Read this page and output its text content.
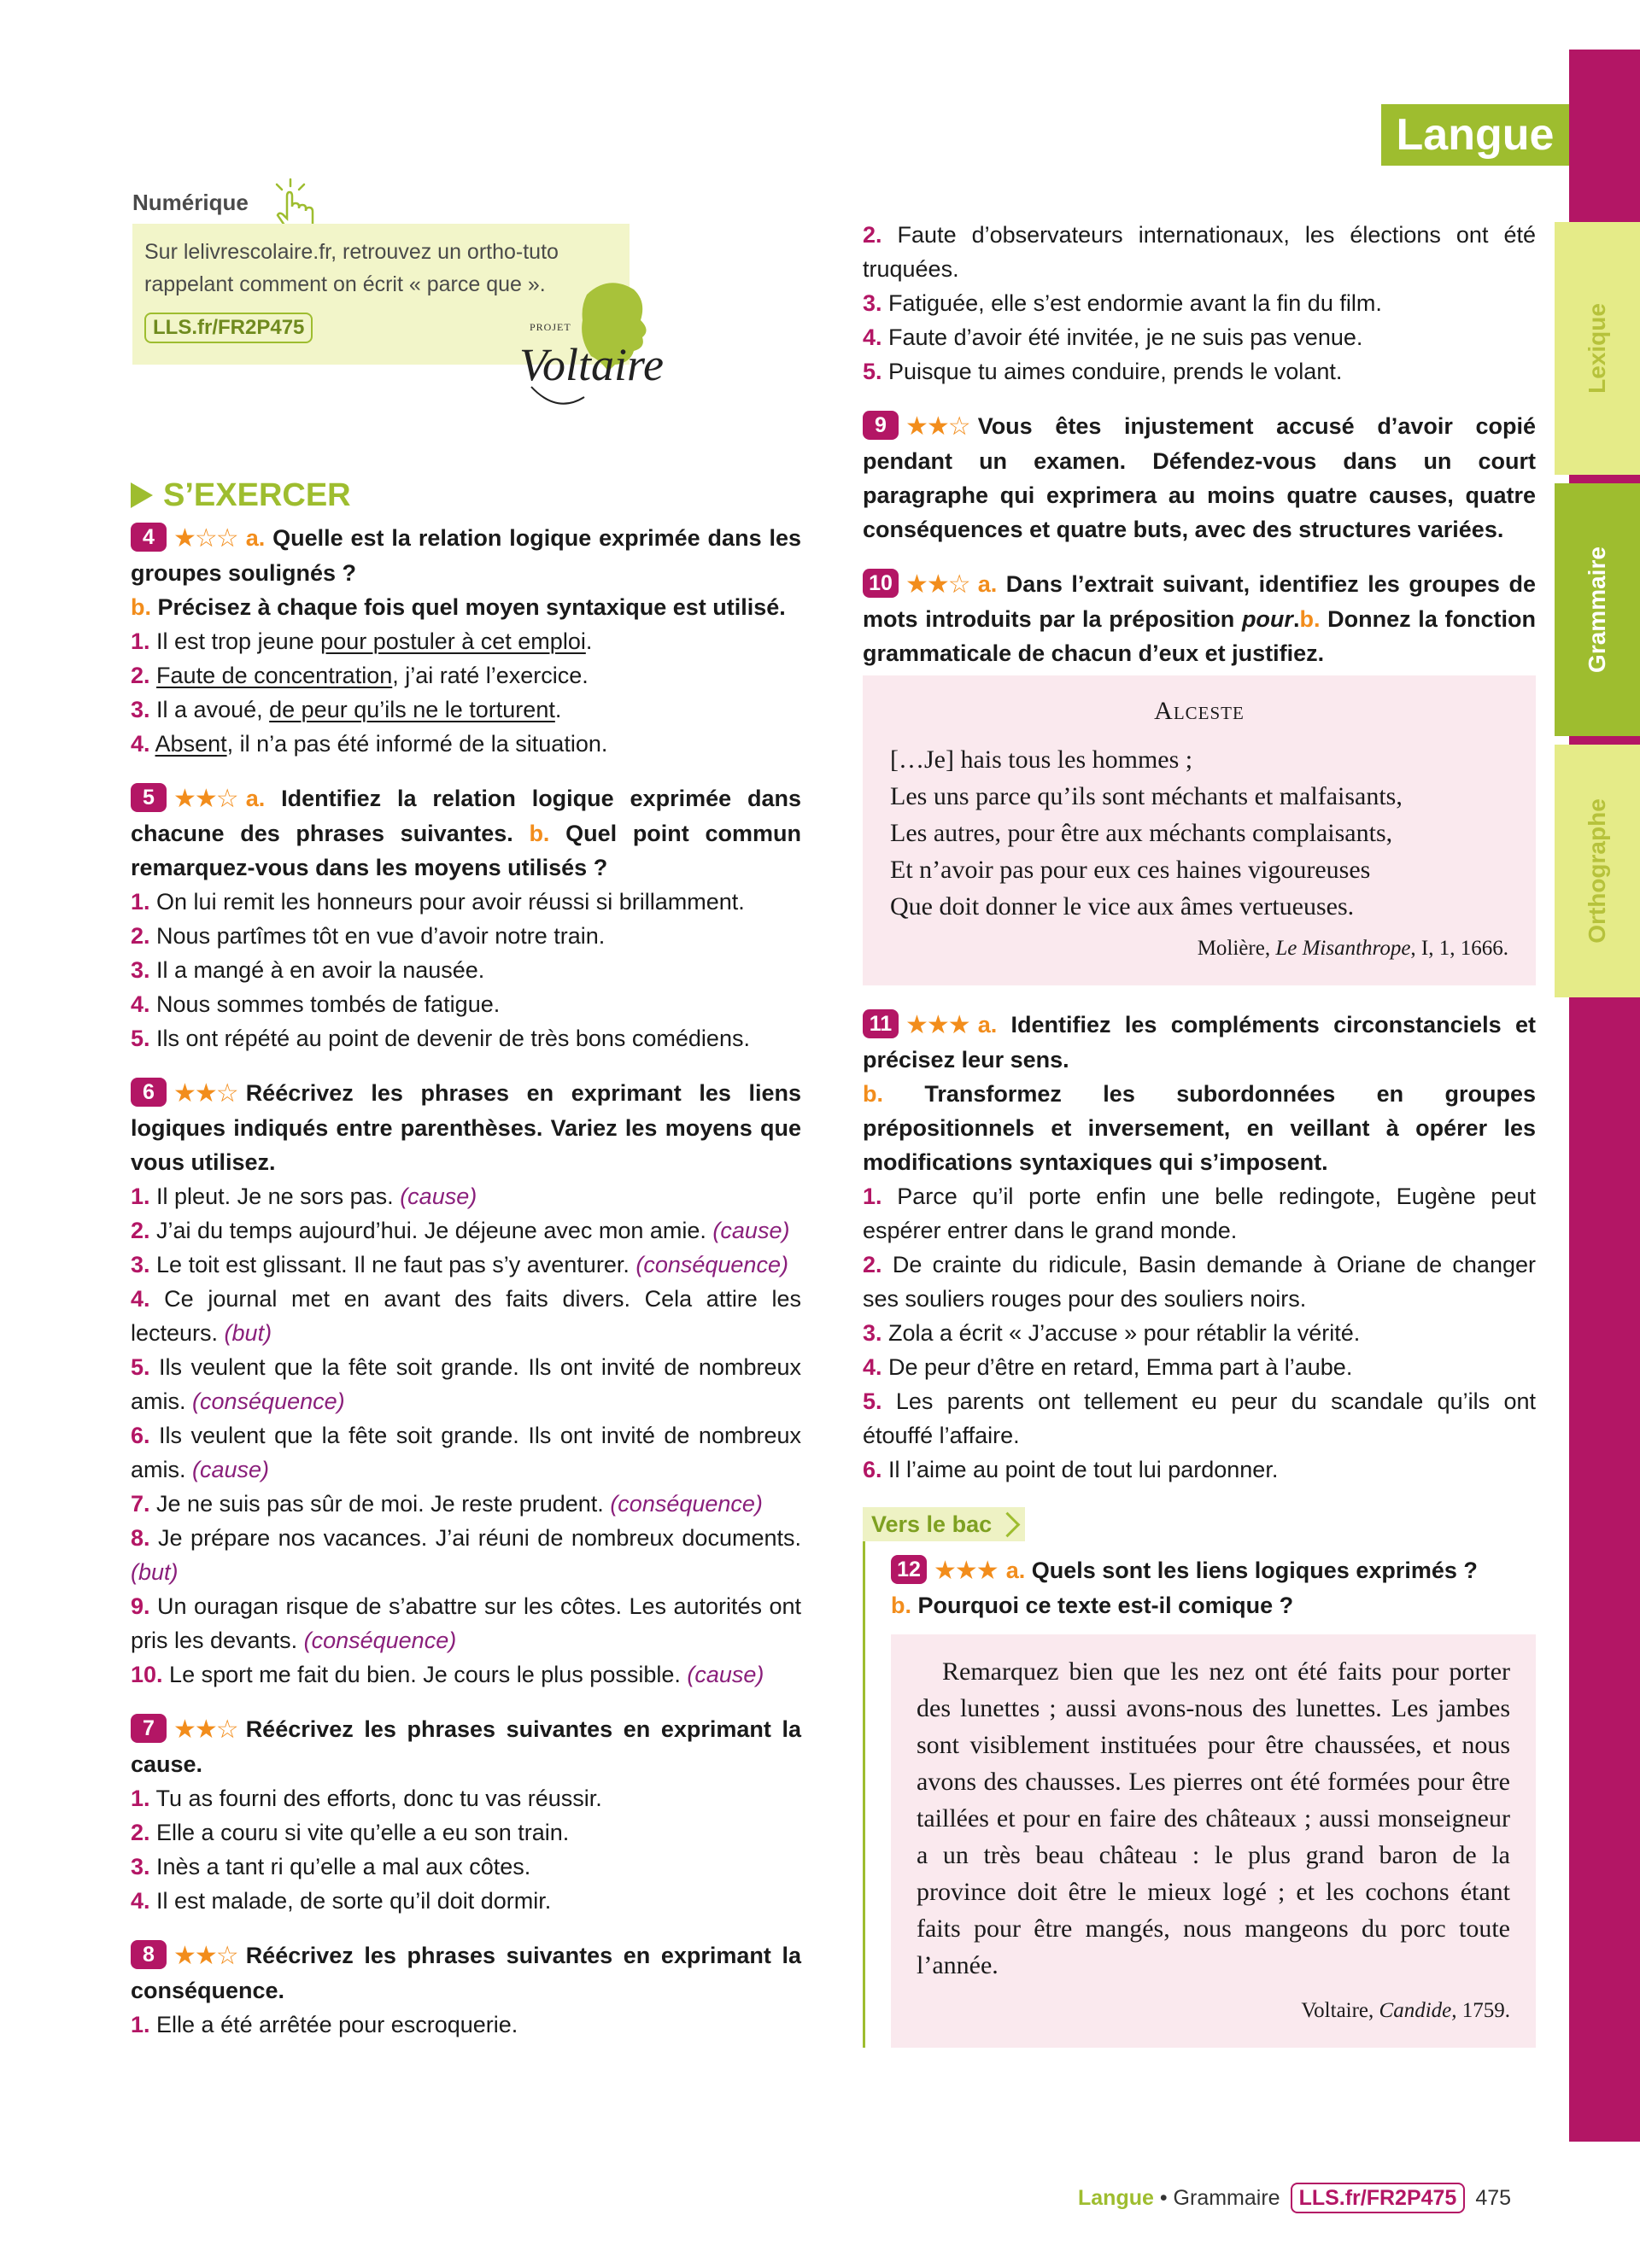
Lexique
Grammaire
Orthographe
Langue
Numérique
Sur lelivrescolaire.fr, retrouvez un ortho-tuto
rappelant comment on écrit « parce que ».
LLS.fr/FR2P475	PROJET
Voltaire
S’EXERCER
4 ★☆☆ a. Quelle est la relation logique exprimée dans les groupes soulignés ?
b. Précisez à chaque fois quel moyen syntaxique est utilisé.
1. Il est trop jeune pour postuler à cet emploi.
2. Faute de concentration, j’ai raté l’exercice.
3. Il a avoué, de peur qu’ils ne le torturent.
4. Absent, il n’a pas été informé de la situation.
5 ★★☆ a. Identifiez la relation logique exprimée dans chacune des phrases suivantes. b. Quel point commun remarquez-vous dans les moyens utilisés ?
1. On lui remit les honneurs pour avoir réussi si brillamment.
2. Nous partîmes tôt en vue d’avoir notre train.
3. Il a mangé à en avoir la nausée.
4. Nous sommes tombés de fatigue.
5. Ils ont répété au point de devenir de très bons comédiens.
6 ★★☆ Réécrivez les phrases en exprimant les liens logiques indiqués entre parenthèses. Variez les moyens que vous utilisez.
1. Il pleut. Je ne sors pas. (cause)
2. J’ai du temps aujourd’hui. Je déjeune avec mon amie. (cause)
3. Le toit est glissant. Il ne faut pas s’y aventurer. (conséquence)
4. Ce journal met en avant des faits divers. Cela attire les lecteurs. (but)
5. Ils veulent que la fête soit grande. Ils ont invité de nombreux amis. (conséquence)
6. Ils veulent que la fête soit grande. Ils ont invité de nombreux amis. (cause)
7. Je ne suis pas sûr de moi. Je reste prudent. (conséquence)
8. Je prépare nos vacances. J’ai réuni de nombreux documents. (but)
9. Un ouragan risque de s’abattre sur les côtes. Les autorités ont pris les devants. (conséquence)
10. Le sport me fait du bien. Je cours le plus possible. (cause)
7 ★★☆ Réécrivez les phrases suivantes en exprimant la cause.
1. Tu as fourni des efforts, donc tu vas réussir.
2. Elle a couru si vite qu’elle a eu son train.
3. Inès a tant ri qu’elle a mal aux côtes.
4. Il est malade, de sorte qu’il doit dormir.
8 ★★☆ Réécrivez les phrases suivantes en exprimant la conséquence.
1. Elle a été arrêtée pour escroquerie.
2. Faute d’observateurs internationaux, les élections ont été truquées.
3. Fatiguée, elle s’est endormie avant la fin du film.
4. Faute d’avoir été invitée, je ne suis pas venue.
5. Puisque tu aimes conduire, prends le volant.
9 ★★☆ Vous êtes injustement accusé d’avoir copié pendant un examen. Défendez-vous dans un court paragraphe qui exprimera au moins quatre causes, quatre conséquences et quatre buts, avec des structures variées.
10 ★★☆ a. Dans l’extrait suivant, identifiez les groupes de mots introduits par la préposition pour.b. Donnez la fonction grammaticale de chacun d’eux et justifiez.
Alceste
[…Je] hais tous les hommes ;
Les uns parce qu’ils sont méchants et malfaisants,
Les autres, pour être aux méchants complaisants,
Et n’avoir pas pour eux ces haines vigoureuses
Que doit donner le vice aux âmes vertueuses.
Molière, Le Misanthrope, I, 1, 1666.
11 ★★★ a. Identifiez les compléments circonstanciels et précisez leur sens.
b. Transformez les subordonnées en groupes prépositionnels et inversement, en veillant à opérer les modifications syntaxiques qui s’imposent.
1. Parce qu’il porte enfin une belle redingote, Eugène peut espérer entrer dans le grand monde.
2. De crainte du ridicule, Basin demande à Oriane de changer ses souliers rouges pour des souliers noirs.
3. Zola a écrit « J’accuse » pour rétablir la vérité.
4. De peur d’être en retard, Emma part à l’aube.
5. Les parents ont tellement eu peur du scandale qu’ils ont étouffé l’affaire.
6. Il l’aime au point de tout lui pardonner.
Vers le bac
12 ★★★ a. Quels sont les liens logiques exprimés ?
b. Pourquoi ce texte est-il comique ?
Remarquez bien que les nez ont été faits pour porter des lunettes ; aussi avons-nous des lunettes. Les jambes sont visiblement instituées pour être chaussées, et nous avons des chausses. Les pierres ont été formées pour être taillées et pour en faire des châteaux ; aussi monseigneur a un très beau château : le plus grand baron de la province doit être le mieux logé ; et les cochons étant faits pour être mangés, nous mangeons du porc toute l’année.
Voltaire, Candide, 1759.
Langue • Grammaire LLS.fr/FR2P475 475
